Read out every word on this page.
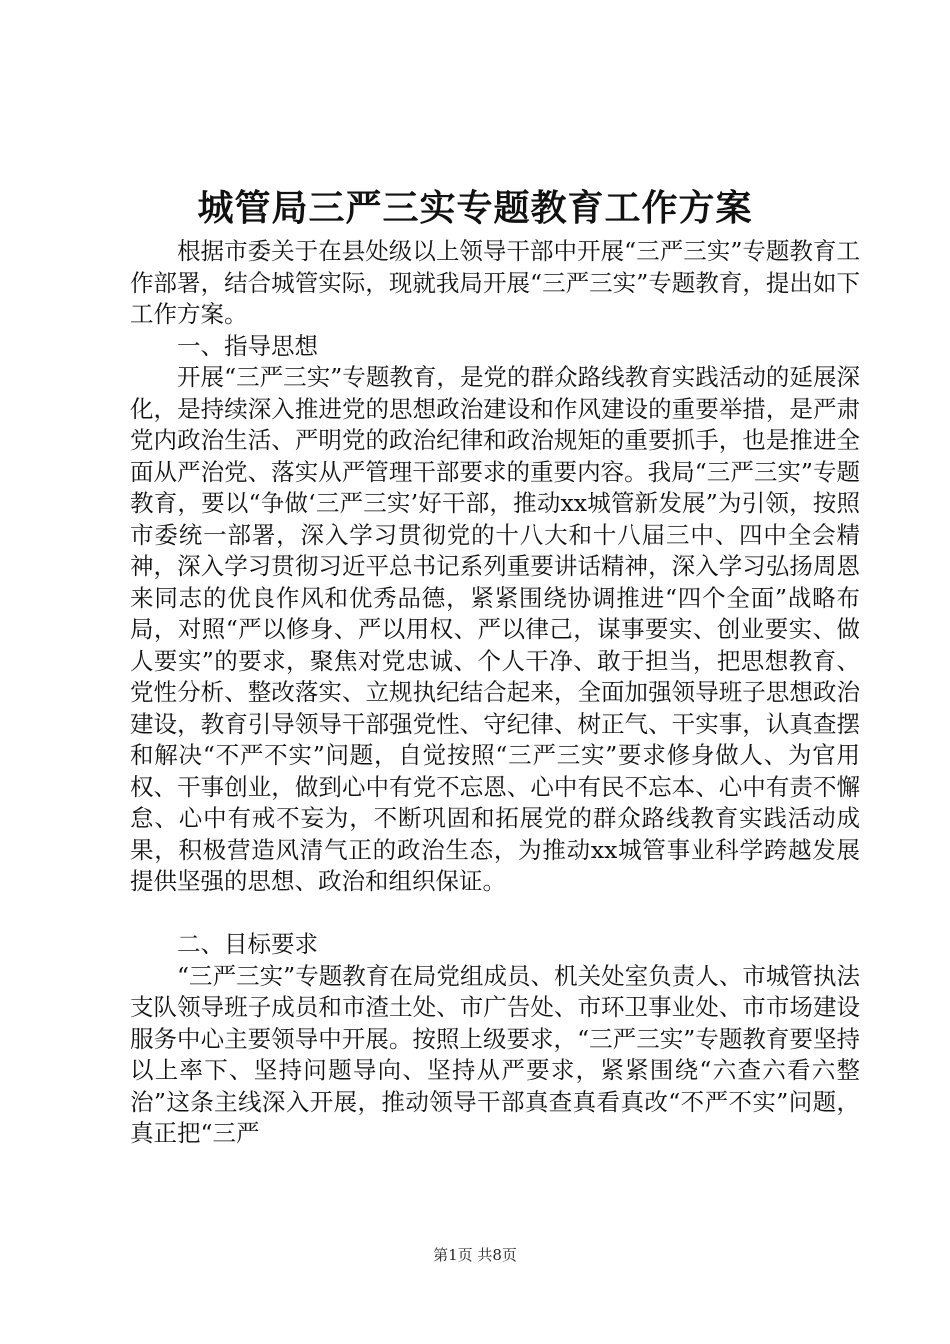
城管局三严三实专题教育工作方案

根据市委关于在县处级以上领导干部中开展“三严三实”专题教育工作部署，结合城管实际，现就我局开展“三严三实”专题教育，提出如下工作方案。

一、指导思想

开展“三严三实”专题教育，是党的群众路线教育实践活动的延展深化，是持续深入推进党的思想政治建设和作风建设的重要举措，是严肃党内政治生活、严明党的政治纪律和政治规矩的重要抓手，也是推进全面从严治党、落实从严管理干部要求的重要内容。我局“三严三实”专题教育，要以“争做‘三严三实’好干部，推动xx城管新发展”为引领，按照市委统一部署，深入学习贯彻党的十八大和十八届三中、四中全会精神，深入学习贯彻习近平总书记系列重要讲话精神，深入学习弘扬周恩来同志的优良作风和优秀品德，紧紧围绕协调推进“四个全面”战略布局，对照“严以修身、严以用权、严以律己，谋事要实、创业要实、做人要实”的要求，聚焦对党忠诚、个人干净、敢于担当，把思想教育、党性分析、整改落实、立规执纪结合起来，全面加强领导班子思想政治建设，教育引导领导干部强党性、守纪律、树正气、干实事，认真查摆和解决“不严不实”问题，自觉按照“三严三实”要求修身做人、为官用权、干事创业，做到心中有党不忘恩、心中有民不忘本、心中有责不懈怠、心中有戒不妄为，不断巩固和拓展党的群众路线教育实践活动成果，积极营造风清气正的政治生态，为推动xx城管事业科学跨越发展提供坚强的思想、政治和组织保证。

二、目标要求

“三严三实”专题教育在局党组成员、机关处室负责人、市城管执法支队领导班子成员和市渣土处、市广告处、市环卫事业处、市市场建设服务中心主要领导中开展。按照上级要求，“三严三实”专题教育要坚持以上率下、坚持问题导向、坚持从严要求，紧紧围绕“六查六看六整治”这条主线深入开展，推动领导干部真查真看真改“不严不实”问题，真正把“三严

第1页 共8页
